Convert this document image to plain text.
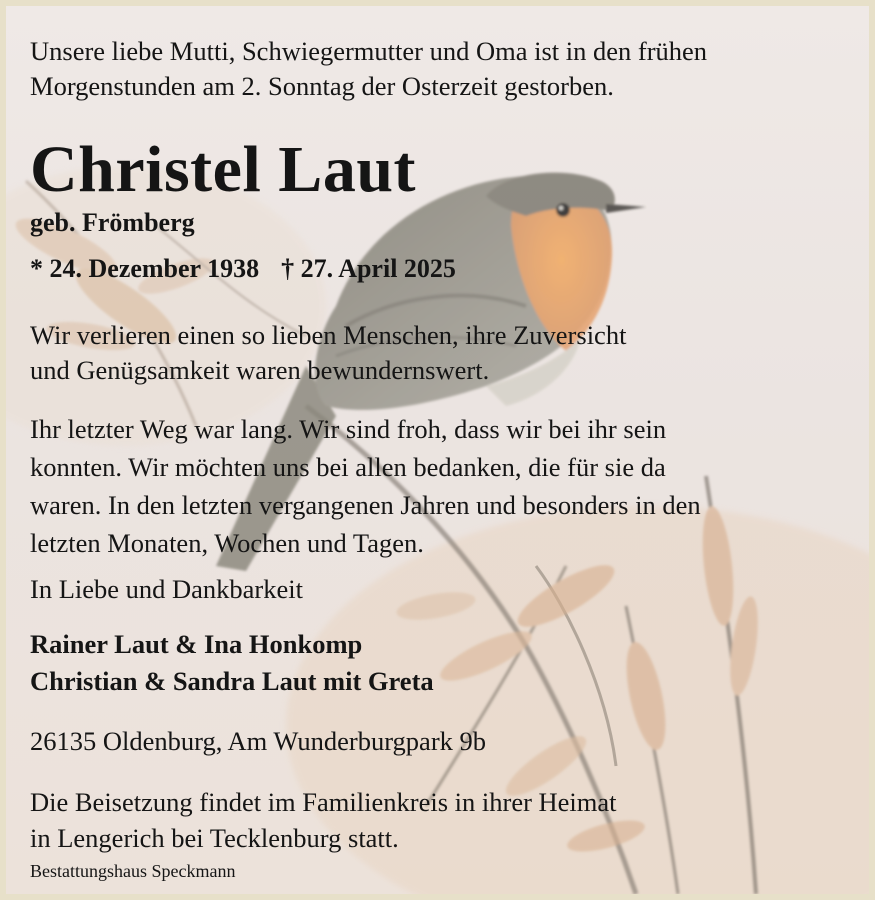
Unsere liebe Mutti, Schwiegermutter und Oma ist in den frühen
Morgenstunden am 2. Sonntag der Osterzeit gestorben.

Christel Laut

geb. Frömberg

* 24. Dezember 1938 † 27. April 2025

Wir verlieren einen so lieben Menschen, ihre Zuversicht
und Genügsamkeit waren bewundernswert.

Ihr letzter Weg war lang. Wir sind froh, dass wir bei ihr sein
konnten. Wir möchten uns bei allen bedanken, die für sie da
waren. In den letzten vergangenen Jahren und besonders in den
letzten Monaten, Wochen und Tagen.

In Liebe und Dankbarkeit

Rainer Laut & Ina Honkomp
Christian & Sandra Laut mit Greta

26135 Oldenburg, Am Wunderburgpark 9b

Die Beisetzung findet im Familienkreis in ihrer Heimat
in Lengerich bei Tecklenburg statt.

Bestattungshaus Speckmann
